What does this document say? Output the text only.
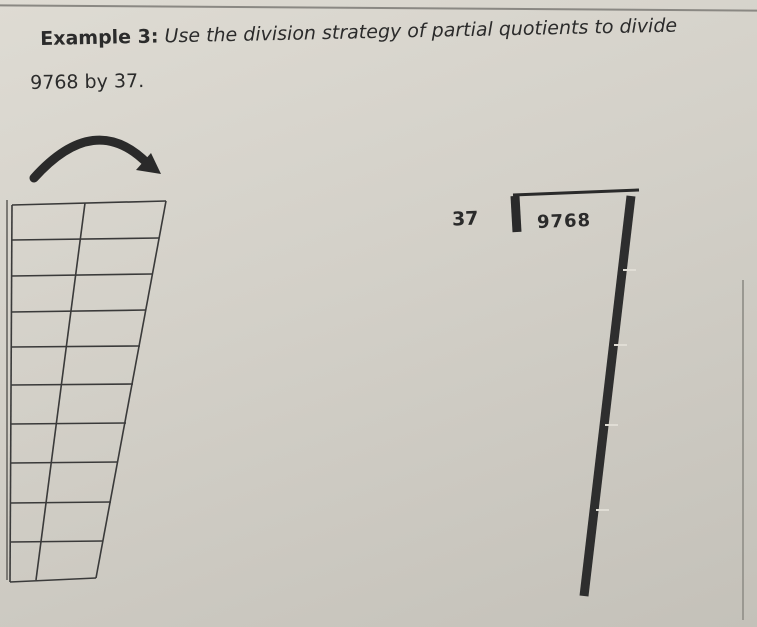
Example 3: Use the division strategy of partial quotients to divide
9768 by 37.
37	9768
